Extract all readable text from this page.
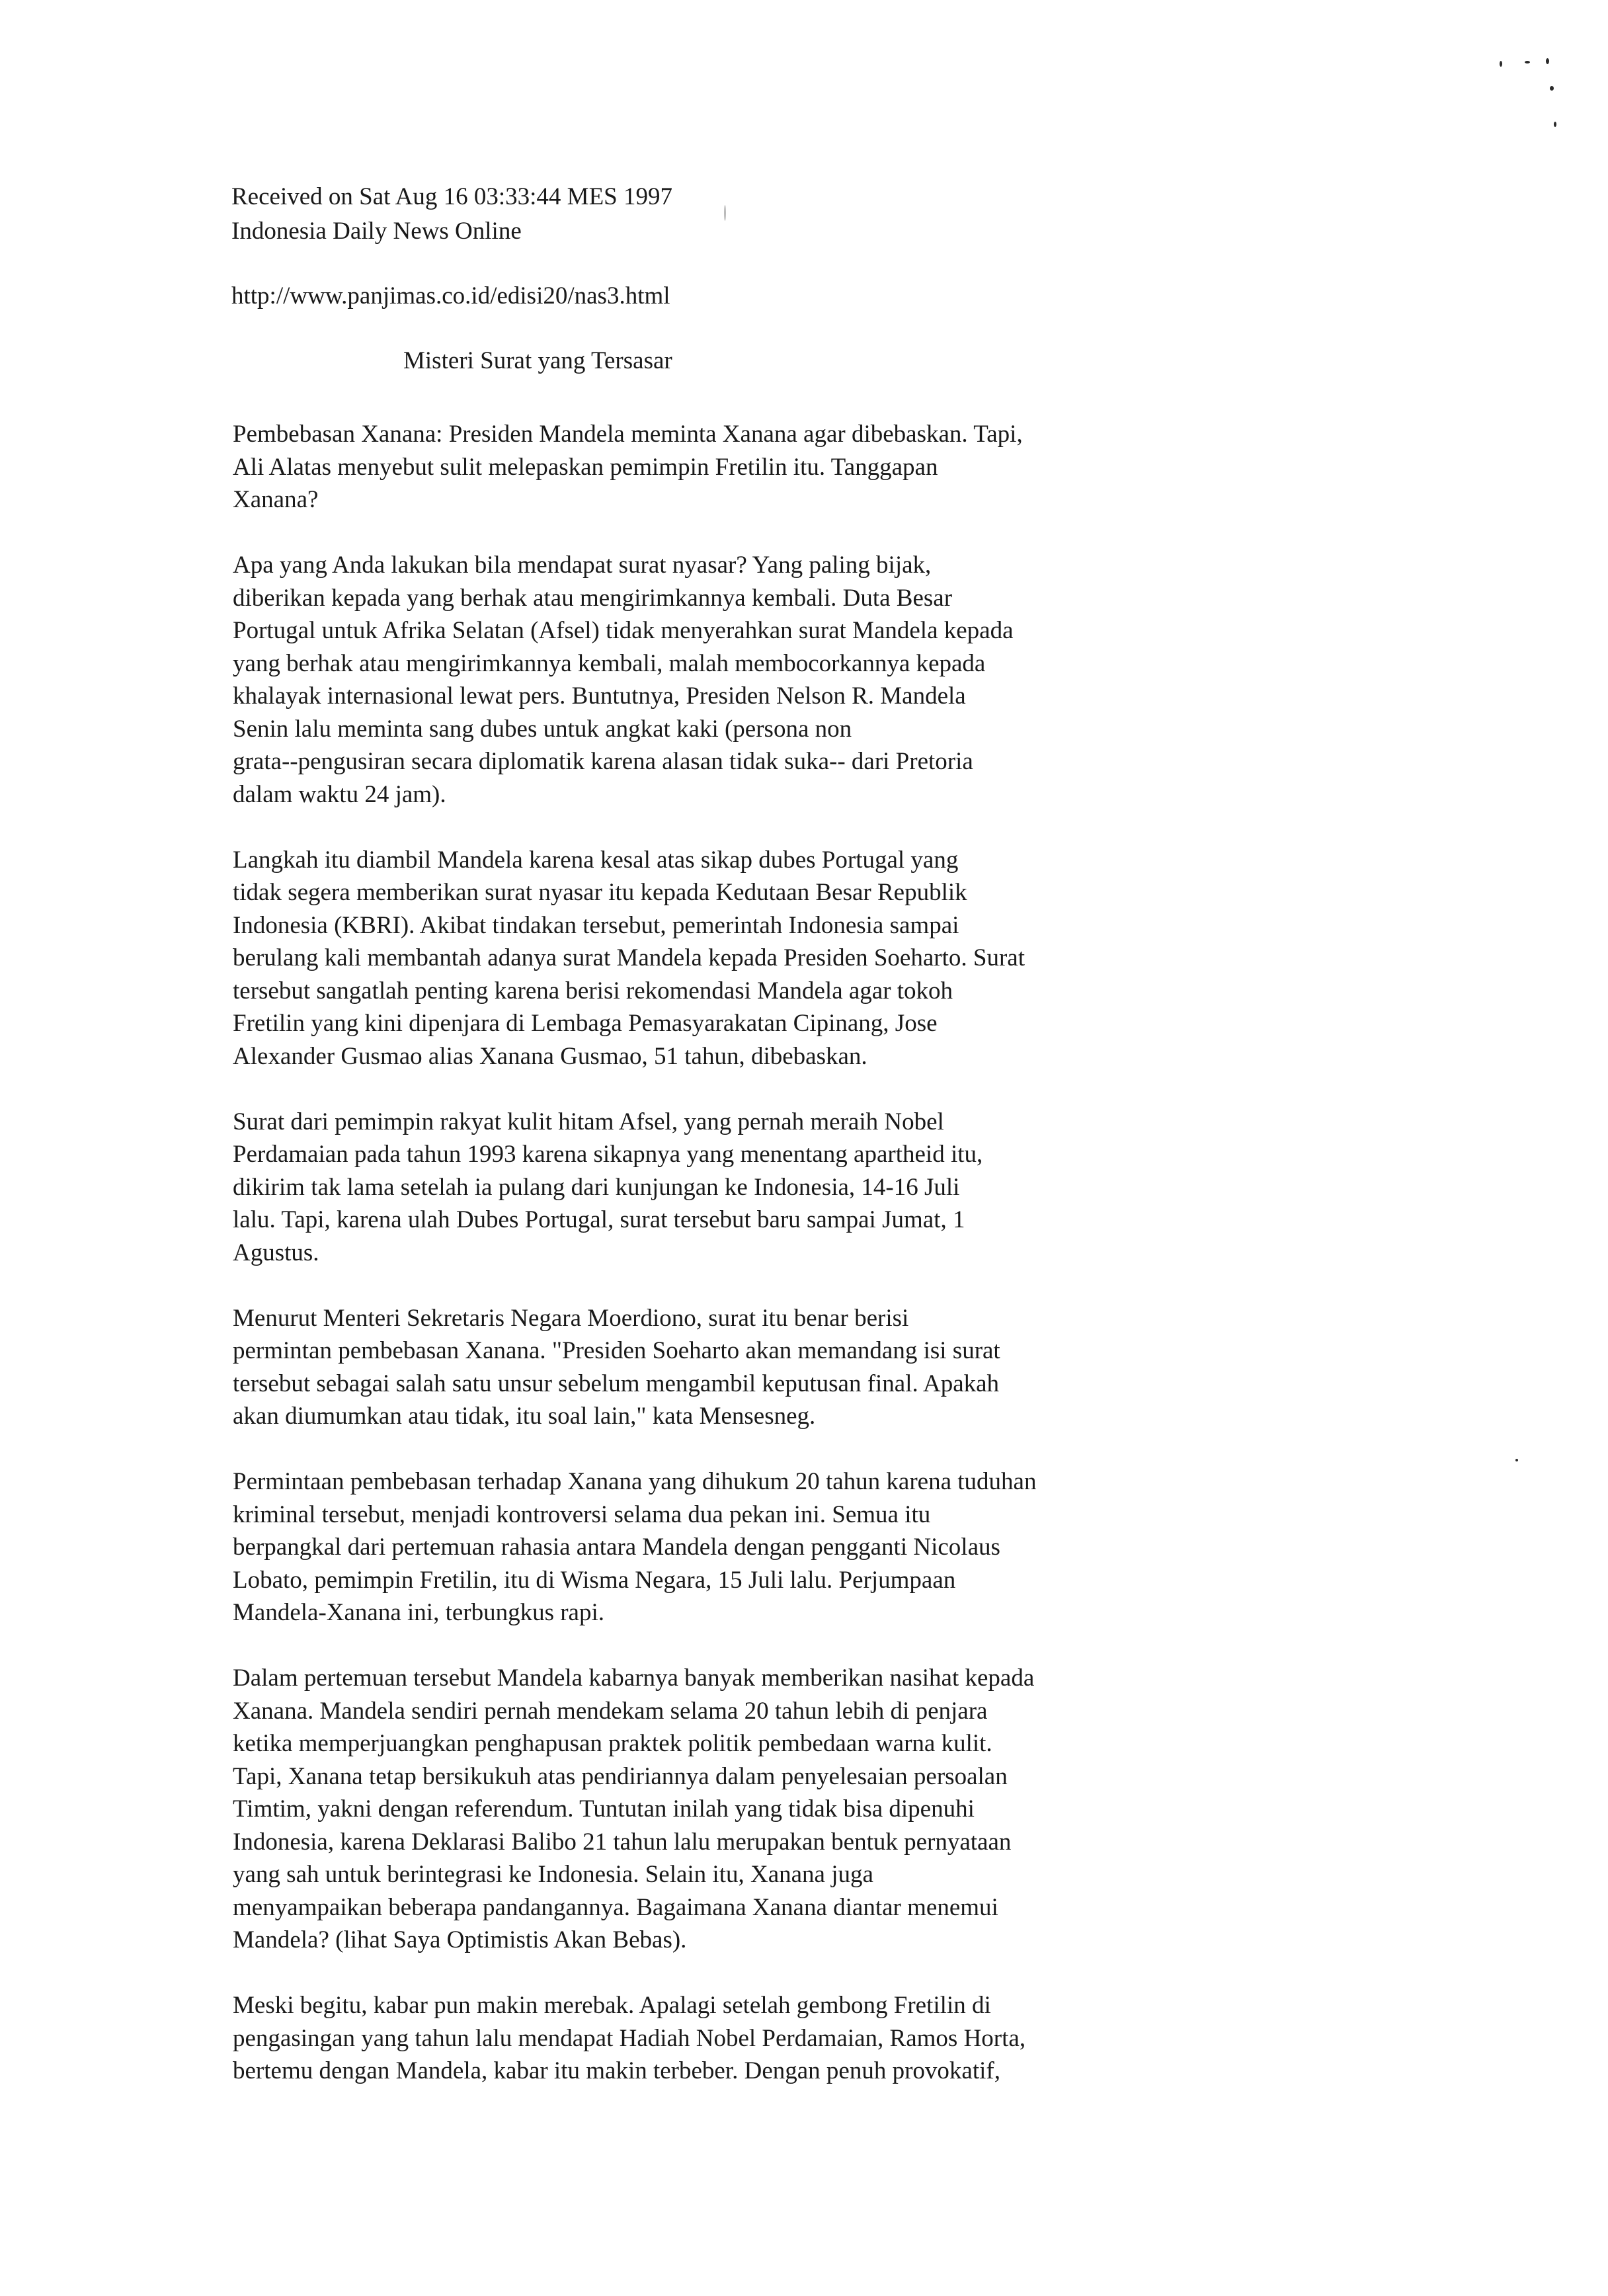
Received on Sat Aug 16 03:33:44 MES 1997
Indonesia Daily News Online
http://www.panjimas.co.id/edisi20/nas3.html
Misteri Surat yang Tersasar
Pembebasan Xanana: Presiden Mandela meminta Xanana agar dibebaskan. Tapi,
Ali Alatas menyebut sulit melepaskan pemimpin Fretilin itu. Tanggapan
Xanana?
Apa yang Anda lakukan bila mendapat surat nyasar? Yang paling bijak,
diberikan kepada yang berhak atau mengirimkannya kembali. Duta Besar
Portugal untuk Afrika Selatan (Afsel) tidak menyerahkan surat Mandela kepada
yang berhak atau mengirimkannya kembali, malah membocorkannya kepada
khalayak internasional lewat pers. Buntutnya, Presiden Nelson R. Mandela
Senin lalu meminta sang dubes untuk angkat kaki (persona non
grata--pengusiran secara diplomatik karena alasan tidak suka-- dari Pretoria
dalam waktu 24 jam).
Langkah itu diambil Mandela karena kesal atas sikap dubes Portugal yang
tidak segera memberikan surat nyasar itu kepada Kedutaan Besar Republik
Indonesia (KBRI). Akibat tindakan tersebut, pemerintah Indonesia sampai
berulang kali membantah adanya surat Mandela kepada Presiden Soeharto. Surat
tersebut sangatlah penting karena berisi rekomendasi Mandela agar tokoh
Fretilin yang kini dipenjara di Lembaga Pemasyarakatan Cipinang, Jose
Alexander Gusmao alias Xanana Gusmao, 51 tahun, dibebaskan.
Surat dari pemimpin rakyat kulit hitam Afsel, yang pernah meraih Nobel
Perdamaian pada tahun 1993 karena sikapnya yang menentang apartheid itu,
dikirim tak lama setelah ia pulang dari kunjungan ke Indonesia, 14-16 Juli
lalu. Tapi, karena ulah Dubes Portugal, surat tersebut baru sampai Jumat, 1
Agustus.
Menurut Menteri Sekretaris Negara Moerdiono, surat itu benar berisi
permintan pembebasan Xanana. "Presiden Soeharto akan memandang isi surat
tersebut sebagai salah satu unsur sebelum mengambil keputusan final. Apakah
akan diumumkan atau tidak, itu soal lain," kata Mensesneg.
Permintaan pembebasan terhadap Xanana yang dihukum 20 tahun karena tuduhan
kriminal tersebut, menjadi kontroversi selama dua pekan ini. Semua itu
berpangkal dari pertemuan rahasia antara Mandela dengan pengganti Nicolaus
Lobato, pemimpin Fretilin, itu di Wisma Negara, 15 Juli lalu. Perjumpaan
Mandela-Xanana ini, terbungkus rapi.
Dalam pertemuan tersebut Mandela kabarnya banyak memberikan nasihat kepada
Xanana. Mandela sendiri pernah mendekam selama 20 tahun lebih di penjara
ketika memperjuangkan penghapusan praktek politik pembedaan warna kulit.
Tapi, Xanana tetap bersikukuh atas pendiriannya dalam penyelesaian persoalan
Timtim, yakni dengan referendum. Tuntutan inilah yang tidak bisa dipenuhi
Indonesia, karena Deklarasi Balibo 21 tahun lalu merupakan bentuk pernyataan
yang sah untuk berintegrasi ke Indonesia. Selain itu, Xanana juga
menyampaikan beberapa pandangannya. Bagaimana Xanana diantar menemui
Mandela? (lihat Saya Optimistis Akan Bebas).
Meski begitu, kabar pun makin merebak. Apalagi setelah gembong Fretilin di
pengasingan yang tahun lalu mendapat Hadiah Nobel Perdamaian, Ramos Horta,
bertemu dengan Mandela, kabar itu makin terbeber. Dengan penuh provokatif,
